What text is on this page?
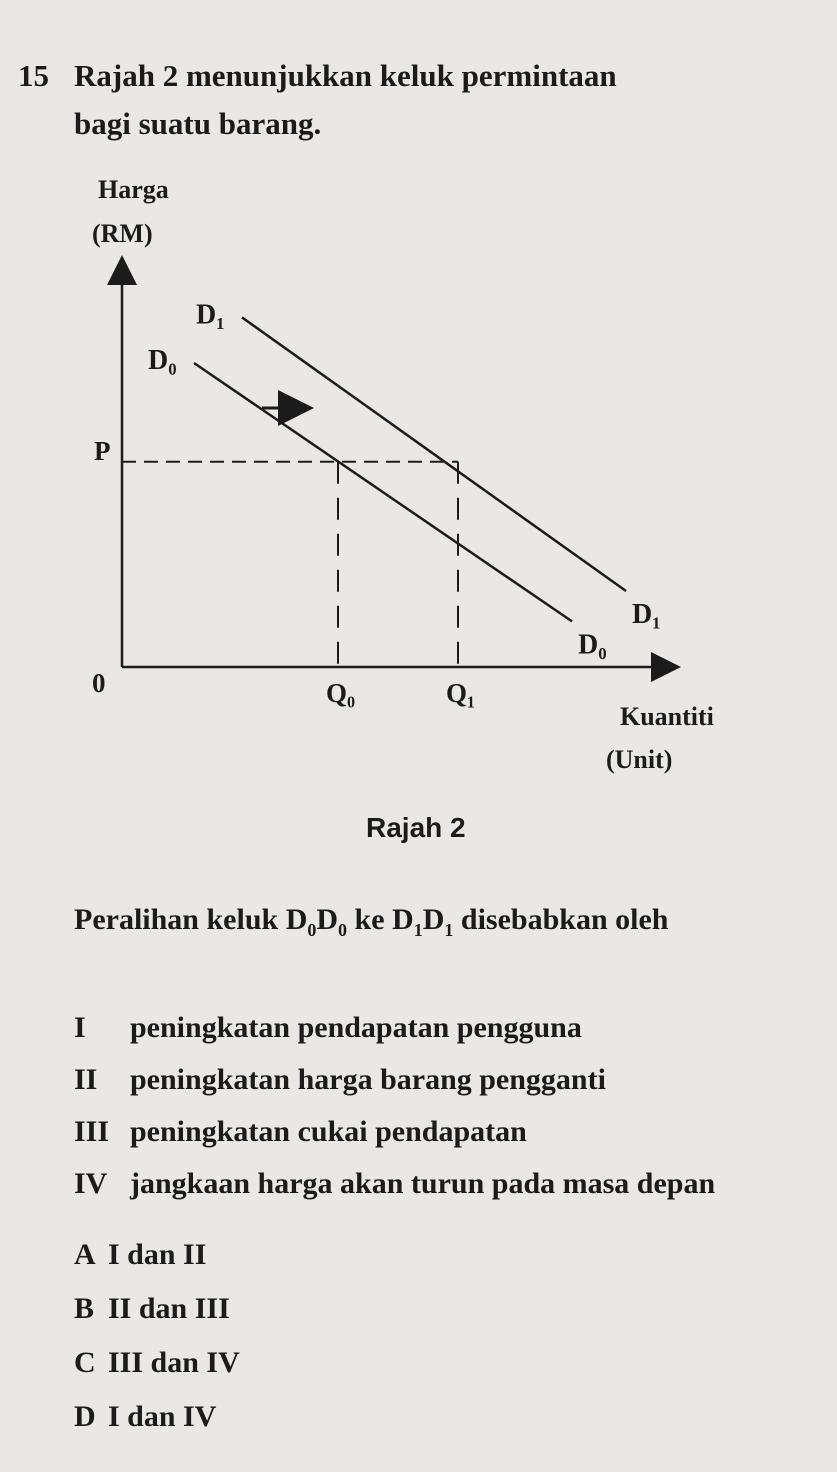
15 Rajah 2 menunjukkan keluk permintaan
bagi suatu barang.
D₀
D₀
D₁
D₁
Harga
(RM)
P
0	Q₀	Q₁
Kuantiti
(Unit)
Rajah 2
Peralihan keluk $D_0D_0$ ke $D_1D_1$ disebabkan oleh
I	peningkatan pendapatan pengguna
II	peningkatan harga barang pengganti
III peningkatan cukai pendapatan
IV jangkaan harga akan turun pada masa depan
A I dan II
B II dan III
C III dan IV
D I dan IV
